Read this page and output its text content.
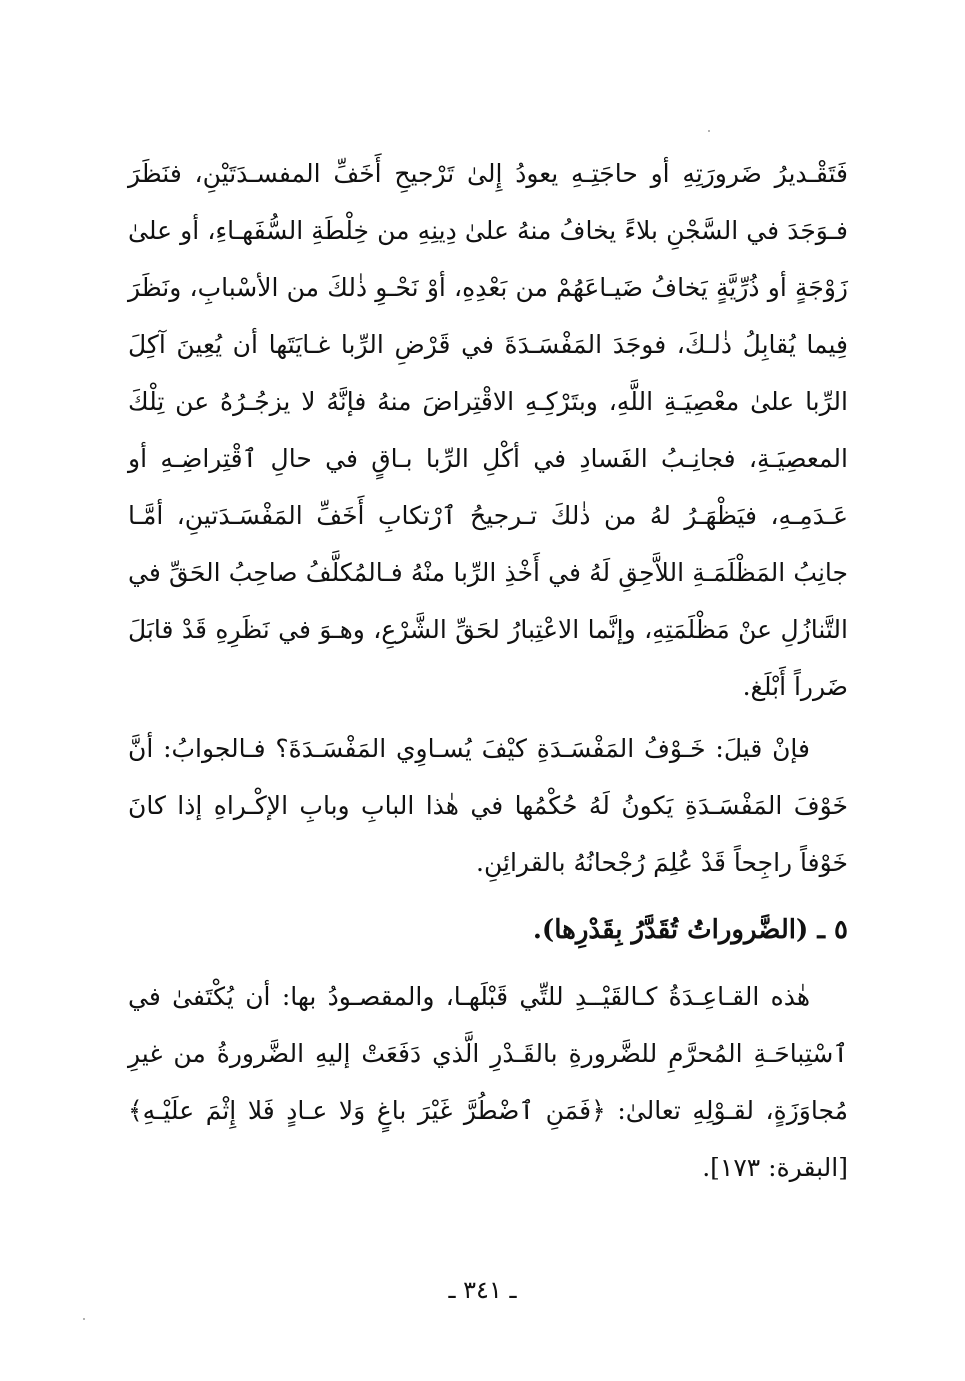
فَتَقْـديرُ ضَرورَتِهِ أو حاجَتِـهِ يعودُ إِلىٰ تَرْجيحِ أَخَفِّ المفسـدَتَيْنِ، فنَظَرَ فـوَجَدَ في السَّجْنِ بلاءً يخافُ منهُ علىٰ دِينِهِ من خِلْطَةِ السُّفَهـاءِ، أو علىٰ زَوْجَةٍ أو ذُرِّيَّةٍ يَخافُ ضَيـاعَهُمْ من بَعْدِهِ، أوْ نَحْـوِ ذٰلكَ من الأسْبابِ، ونَظَرَ فِيما يُقابِلُ ذٰلـكَ، فوجَدَ المَفْسَـدَةَ في قَرْضِ الرِّبا غـايَتَها أن يُعِينَ آكِلَ الرِّبا علىٰ معْصِيَـةِ اللَّهِ، وبتَرْكِـهِ الاقْتِراضَ منهُ فإنَّهُ لا يزجُـرُهُ عن تِلْكَ المعصِيَـةِ، فجانِـبُ الفَسادِ في أكْلِ الرِّبا بـاقٍ في حالِ ٱقْتِراضِـهِ أو عَـدَمِـهِ، فيَظْهَـرُ لهُ من ذٰلكَ تـرجيحُ ٱرْتكابِ أَخَفِّ المَفْسَـدَتينِ، أمَّـا جانِبُ المَظْلَمَـةِ اللاَّحِقِ لَهُ في أَخْذِ الرِّبا منْهُ فـالمُكلَّفُ صاحِبُ الحَقِّ في التَّنازُلِ عنْ مَظْلَمَتِهِ، وإنَّما الاعْتِبارُ لحَقِّ الشَّرْعِ، وهـوَ في نَظَرِهِ قَدْ قابَلَ ضَرراً أَبْلَغ.

فإنْ قيلَ: خَـوْفُ المَفْسَـدَةِ كيْفَ يُسـاوِي المَفْسَـدَةَ؟ فـالجوابُ: أنَّ خَوْفَ المَفْسَـدَةِ يَكونُ لَهُ حُكْمُها في هٰذا البابِ وبابِ الإكْـراهِ إذا كانَ خَوْفاً راجِحاً قَدْ عُلِمَ رُجْحانُهُ بالقرائِنِ.

٥ ـ (الضَّروراتُ تُقَدَّرُ بِقَدْرِها).

هٰذه القـاعِـدَةُ كـالقَيْــدِ للتِّي قَبْلَهـا، والمقصـودُ بها: أن يُكْتَفىٰ في ٱسْتِباحَـةِ المُحرَّمِ للضَّرورةِ بالقَـدْرِ الَّذي دَفَعَتْ إليهِ الضَّرورةُ من غيرِ مُجاوَزَةٍ، لقـوْلِهِ تعالىٰ: ﴿فَمَنِ ٱضْطُرَّ غَيْرَ باغٍ وَلا عـادٍ فَلا إِثْمَ علَيْـهِ﴾ [البقرة: ١٧٣].

ـ ٣٤١ ـ
